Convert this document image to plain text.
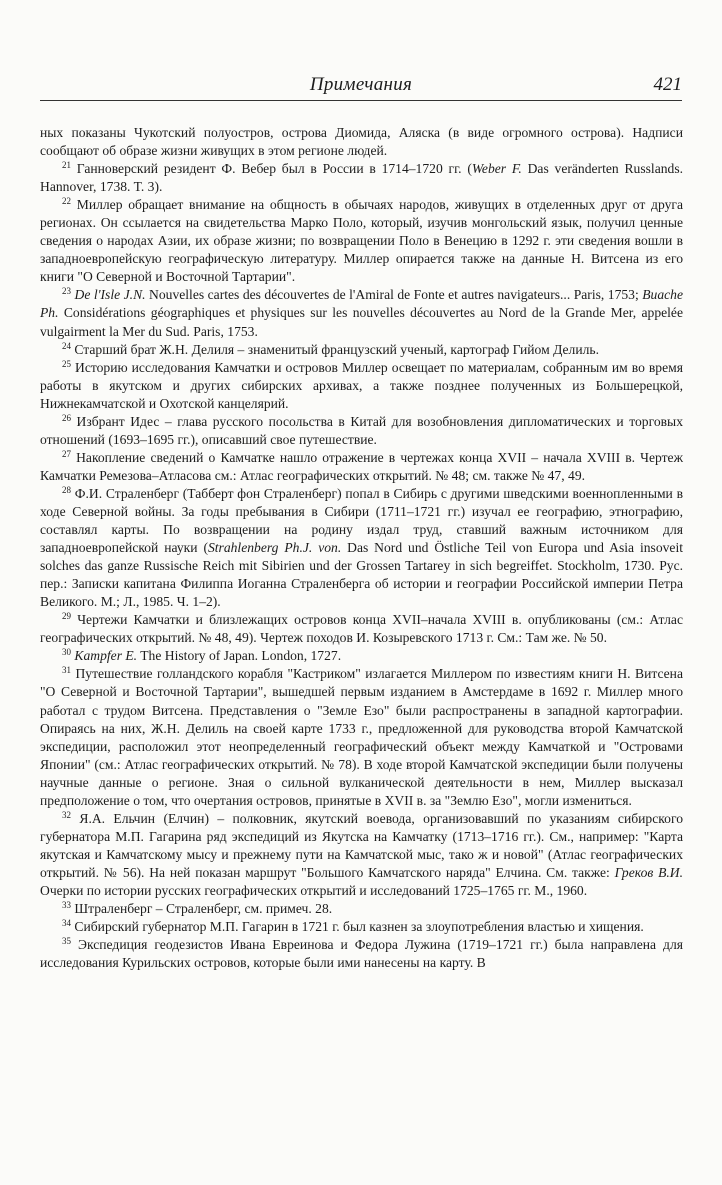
Примечания	421

ных показаны Чукотский полуостров, острова Диомида, Аляска (в виде огромного острова). Надписи сообщают об образе жизни живущих в этом регионе людей.

$^{21}$ Ганноверский резидент Ф. Вебер был в России в 1714–1720 гг. (Weber F. Das veränderten Russlands. Hannover, 1738. T. 3).

$^{22}$ Миллер обращает внимание на общность в обычаях народов, живущих в отделенных друг от друга регионах. Он ссылается на свидетельства Марко Поло, который, изучив монгольский язык, получил ценные сведения о народах Азии, их образе жизни; по возвращении Поло в Венецию в 1292 г. эти сведения вошли в западноевропейскую географическую литературу. Миллер опирается также на данные Н. Витсена из его книги "О Северной и Восточной Тартарии".

$^{23}$ De l'Isle J.N. Nouvelles cartes des découvertes de l'Amiral de Fonte et autres navigateurs... Paris, 1753; Buache Ph. Considérations géographiques et physiques sur les nouvelles découvertes au Nord de la Grande Mer, appelée vulgairment la Mer du Sud. Paris, 1753.

$^{24}$ Старший брат Ж.Н. Делиля – знаменитый французский ученый, картограф Гийом Делиль.

$^{25}$ Историю исследования Камчатки и островов Миллер освещает по материалам, собранным им во время работы в якутском и других сибирских архивах, а также позднее полученных из Большерецкой, Нижнекамчатской и Охотской канцелярий.

$^{26}$ Избрант Идес – глава русского посольства в Китай для возобновления дипломатических и торговых отношений (1693–1695 гг.), описавший свое путешествие.

$^{27}$ Накопление сведений о Камчатке нашло отражение в чертежах конца XVII – начала XVIII в. Чертеж Камчатки Ремезова–Атласова см.: Атлас географических открытий. № 48; см. также № 47, 49.

$^{28}$ Ф.И. Страленберг (Табберт фон Страленберг) попал в Сибирь с другими шведскими военнопленными в ходе Северной войны. За годы пребывания в Сибири (1711–1721 гг.) изучал ее географию, этнографию, составлял карты. По возвращении на родину издал труд, ставший важным источником для западноевропейской науки (Strahlenberg Ph.J. von. Das Nord und Östliche Teil von Europa und Asia insoveit solches das ganze Russische Reich mit Sibirien und der Grossen Tartarey in sich begreiffet. Stockholm, 1730. Рус. пер.: Записки капитана Филиппа Иоганна Страленберга об истории и географии Российской империи Петра Великого. М.; Л., 1985. Ч. 1–2).

$^{29}$ Чертежи Камчатки и близлежащих островов конца XVII–начала XVIII в. опубликованы (см.: Атлас географических открытий. № 48, 49). Чертеж походов И. Козыревского 1713 г. См.: Там же. № 50.

$^{30}$ Kampfer E. The History of Japan. London, 1727.

$^{31}$ Путешествие голландского корабля "Кастриком" излагается Миллером по известиям книги Н. Витсена "О Северной и Восточной Тартарии", вышедшей первым изданием в Амстердаме в 1692 г. Миллер много работал с трудом Витсена. Представления о "Земле Езо" были распространены в западной картографии. Опираясь на них, Ж.Н. Делиль на своей карте 1733 г., предложенной для руководства второй Камчатской экспедиции, расположил этот неопределенный географический объект между Камчаткой и "Островами Японии" (см.: Атлас географических открытий. № 78). В ходе второй Камчатской экспедиции были получены научные данные о регионе. Зная о сильной вулканической деятельности в нем, Миллер высказал предположение о том, что очертания островов, принятые в XVII в. за "Землю Езо", могли измениться.

$^{32}$ Я.А. Ельчин (Елчин) – полковник, якутский воевода, организовавший по указаниям сибирского губернатора М.П. Гагарина ряд экспедиций из Якутска на Камчатку (1713–1716 гг.). См., например: "Карта якутская и Камчатскому мысу и прежнему пути на Камчатской мыс, тако ж и новой" (Атлас географических открытий. № 56). На ней показан маршрут "Большого Камчатского наряда" Елчина. См. также: Греков В.И. Очерки по истории русских географических открытий и исследований 1725–1765 гг. М., 1960.

$^{33}$ Штраленберг – Страленберг, см. примеч. 28.

$^{34}$ Сибирский губернатор М.П. Гагарин в 1721 г. был казнен за злоупотребления властью и хищения.

$^{35}$ Экспедиция геодезистов Ивана Евреинова и Федора Лужина (1719–1721 гг.) была направлена для исследования Курильских островов, которые были ими нанесены на карту. В
